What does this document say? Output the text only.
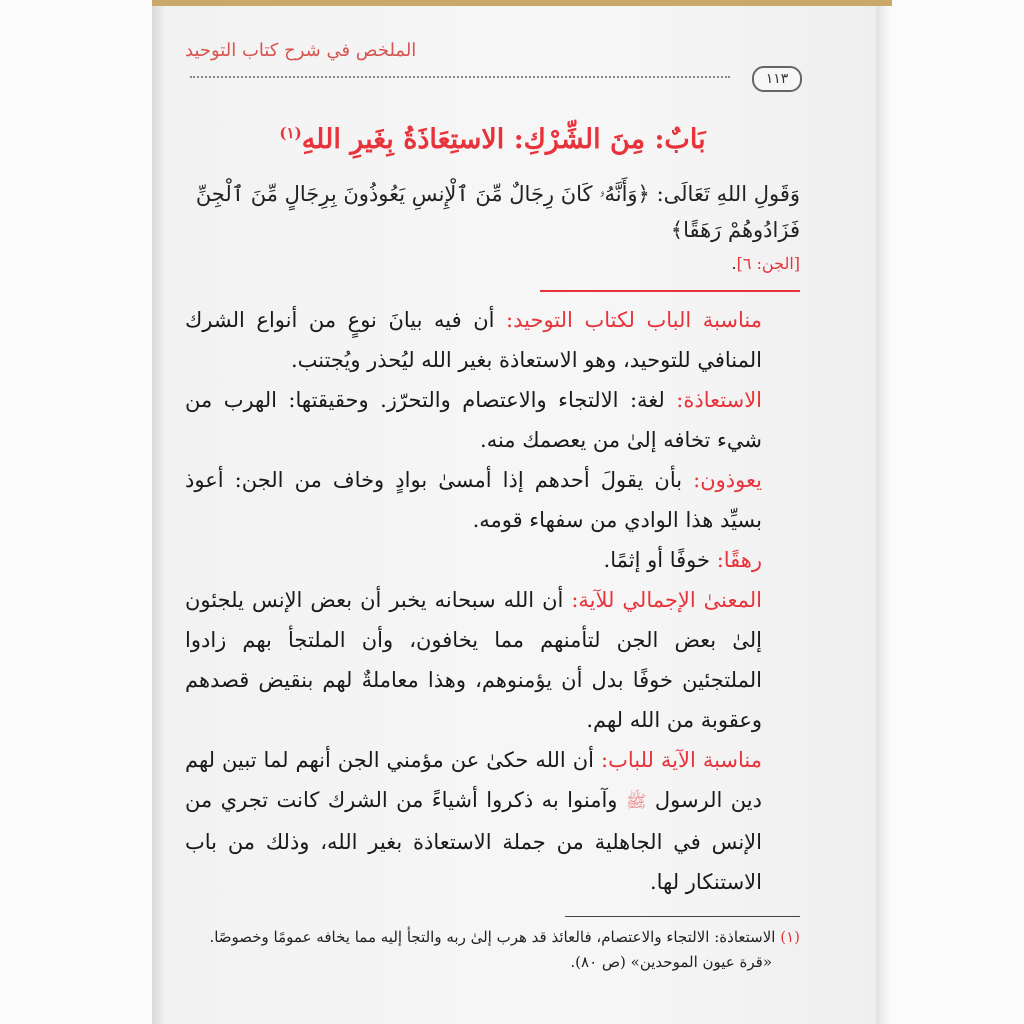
الملخص في شرح كتاب التوحيد
١١٣
بَابٌ: مِنَ الشِّرْكِ: الاستِعَاذَةُ بِغَيرِ اللهِ$^{(١)}$
وَقَولِ اللهِ تَعَالَى: ﴿وَأَنَّهُۥ كَانَ رِجَالٌ مِّنَ ٱلْإِنسِ يَعُوذُونَ بِرِجَالٍ مِّنَ ٱلْجِنِّ فَزَادُوهُمْ رَهَقًا﴾
[الجن: ٦].

مناسبة الباب لكتاب التوحيد: أن فيه بيانَ نوعٍ من أنواع الشرك المنافي للتوحيد، وهو الاستعاذة بغير الله ليُحذر ويُجتنب.

الاستعاذة: لغة: الالتجاء والاعتصام والتحرّز. وحقيقتها: الهرب من شيء تخافه إلىٰ من يعصمك منه.

يعوذون: بأن يقولَ أحدهم إذا أمسىٰ بوادٍ وخاف من الجن: أعوذ بسيِّد هذا الوادي من سفهاء قومه.

رهقًا: خوفًا أو إثمًا.

المعنىٰ الإجمالي للآية: أن الله سبحانه يخبر أن بعض الإنس يلجئون إلىٰ بعض الجن لتأمنهم مما يخافون، وأن الملتجأ بهم زادوا الملتجئين خوفًا بدل أن يؤمنوهم، وهذا معاملةٌ لهم بنقيض قصدهم وعقوبة من الله لهم.

مناسبة الآية للباب: أن الله حكىٰ عن مؤمني الجن أنهم لما تبين لهم دين الرسول ﷺ وآمنوا به ذكروا أشياءً من الشرك كانت تجري من الإنس في الجاهلية من جملة الاستعاذة بغير الله، وذلك من باب الاستنكار لها.

(١) الاستعاذة: الالتجاء والاعتصام، فالعائذ قد هرب إلىٰ ربه والتجأ إليه مما يخافه عمومًا وخصوصًا.
«قرة عيون الموحدين» (ص ٨٠).
